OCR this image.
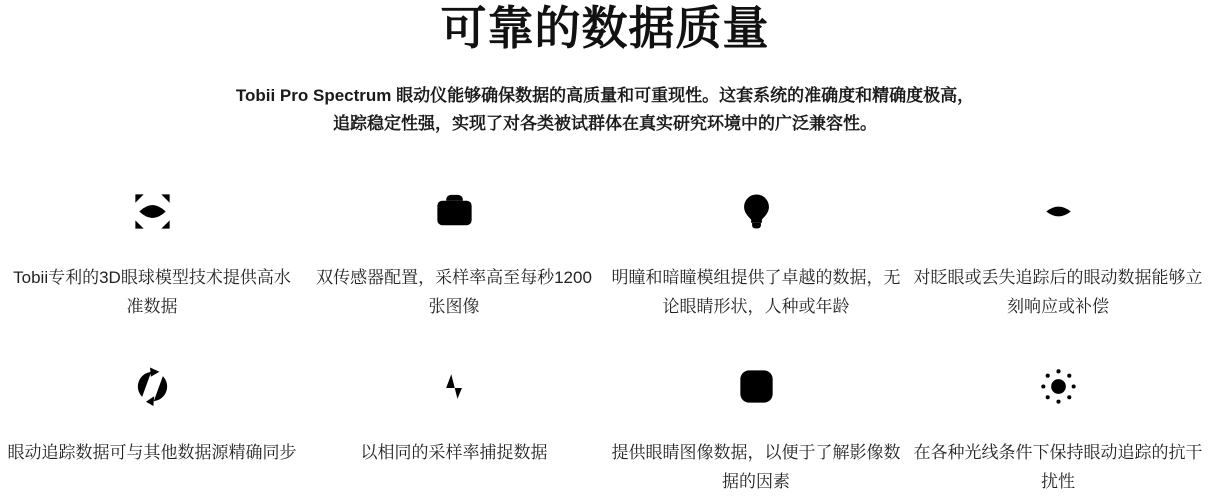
可靠的数据质量

Tobii Pro Spectrum 眼动仪能够确保数据的高质量和可重现性。这套系统的准确度和精确度极高，追踪稳定性强，实现了对各类被试群体在真实研究环境中的广泛兼容性。

Tobii专利的3D眼球模型技术提供高水准数据

双传感器配置，采样率高至每秒1200张图像

明瞳和暗瞳模组提供了卓越的数据，无论眼睛形状，人种或年龄

对眨眼或丢失追踪后的眼动数据能够立刻响应或补偿

眼动追踪数据可与其他数据源精确同步	以相同的采样率捕捉数据	提供眼睛图像数据，以便于了解影像数据的因素

在各种光线条件下保持眼动追踪的抗干扰性
